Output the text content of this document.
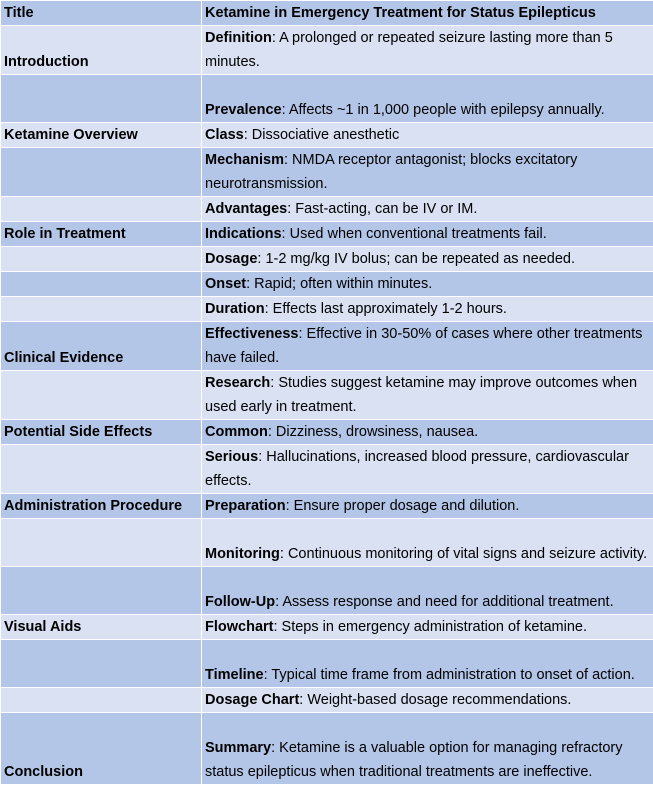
Title	Ketamine in Emergency Treatment for Status Epilepticus
Introduction	Definition: A prolonged or repeated seizure lasting more than 5 minutes.
	Prevalence: Affects ~1 in 1,000 people with epilepsy annually.
Ketamine Overview	Class: Dissociative anesthetic
	Mechanism: NMDA receptor antagonist; blocks excitatory neurotransmission.
	Advantages: Fast-acting, can be IV or IM.
Role in Treatment	Indications: Used when conventional treatments fail.
	Dosage: 1-2 mg/kg IV bolus; can be repeated as needed.
	Onset: Rapid; often within minutes.
	Duration: Effects last approximately 1-2 hours.
Clinical Evidence	Effectiveness: Effective in 30-50% of cases where other treatments have failed.
	Research: Studies suggest ketamine may improve outcomes when used early in treatment.
Potential Side Effects	Common: Dizziness, drowsiness, nausea.
	Serious: Hallucinations, increased blood pressure, cardiovascular effects.
Administration Procedure	Preparation: Ensure proper dosage and dilution.
	Monitoring: Continuous monitoring of vital signs and seizure activity.
	Follow-Up: Assess response and need for additional treatment.
Visual Aids	Flowchart: Steps in emergency administration of ketamine.
	Timeline: Typical time frame from administration to onset of action.
	Dosage Chart: Weight-based dosage recommendations.
Conclusion	Summary: Ketamine is a valuable option for managing refractory status epilepticus when traditional treatments are ineffective.
